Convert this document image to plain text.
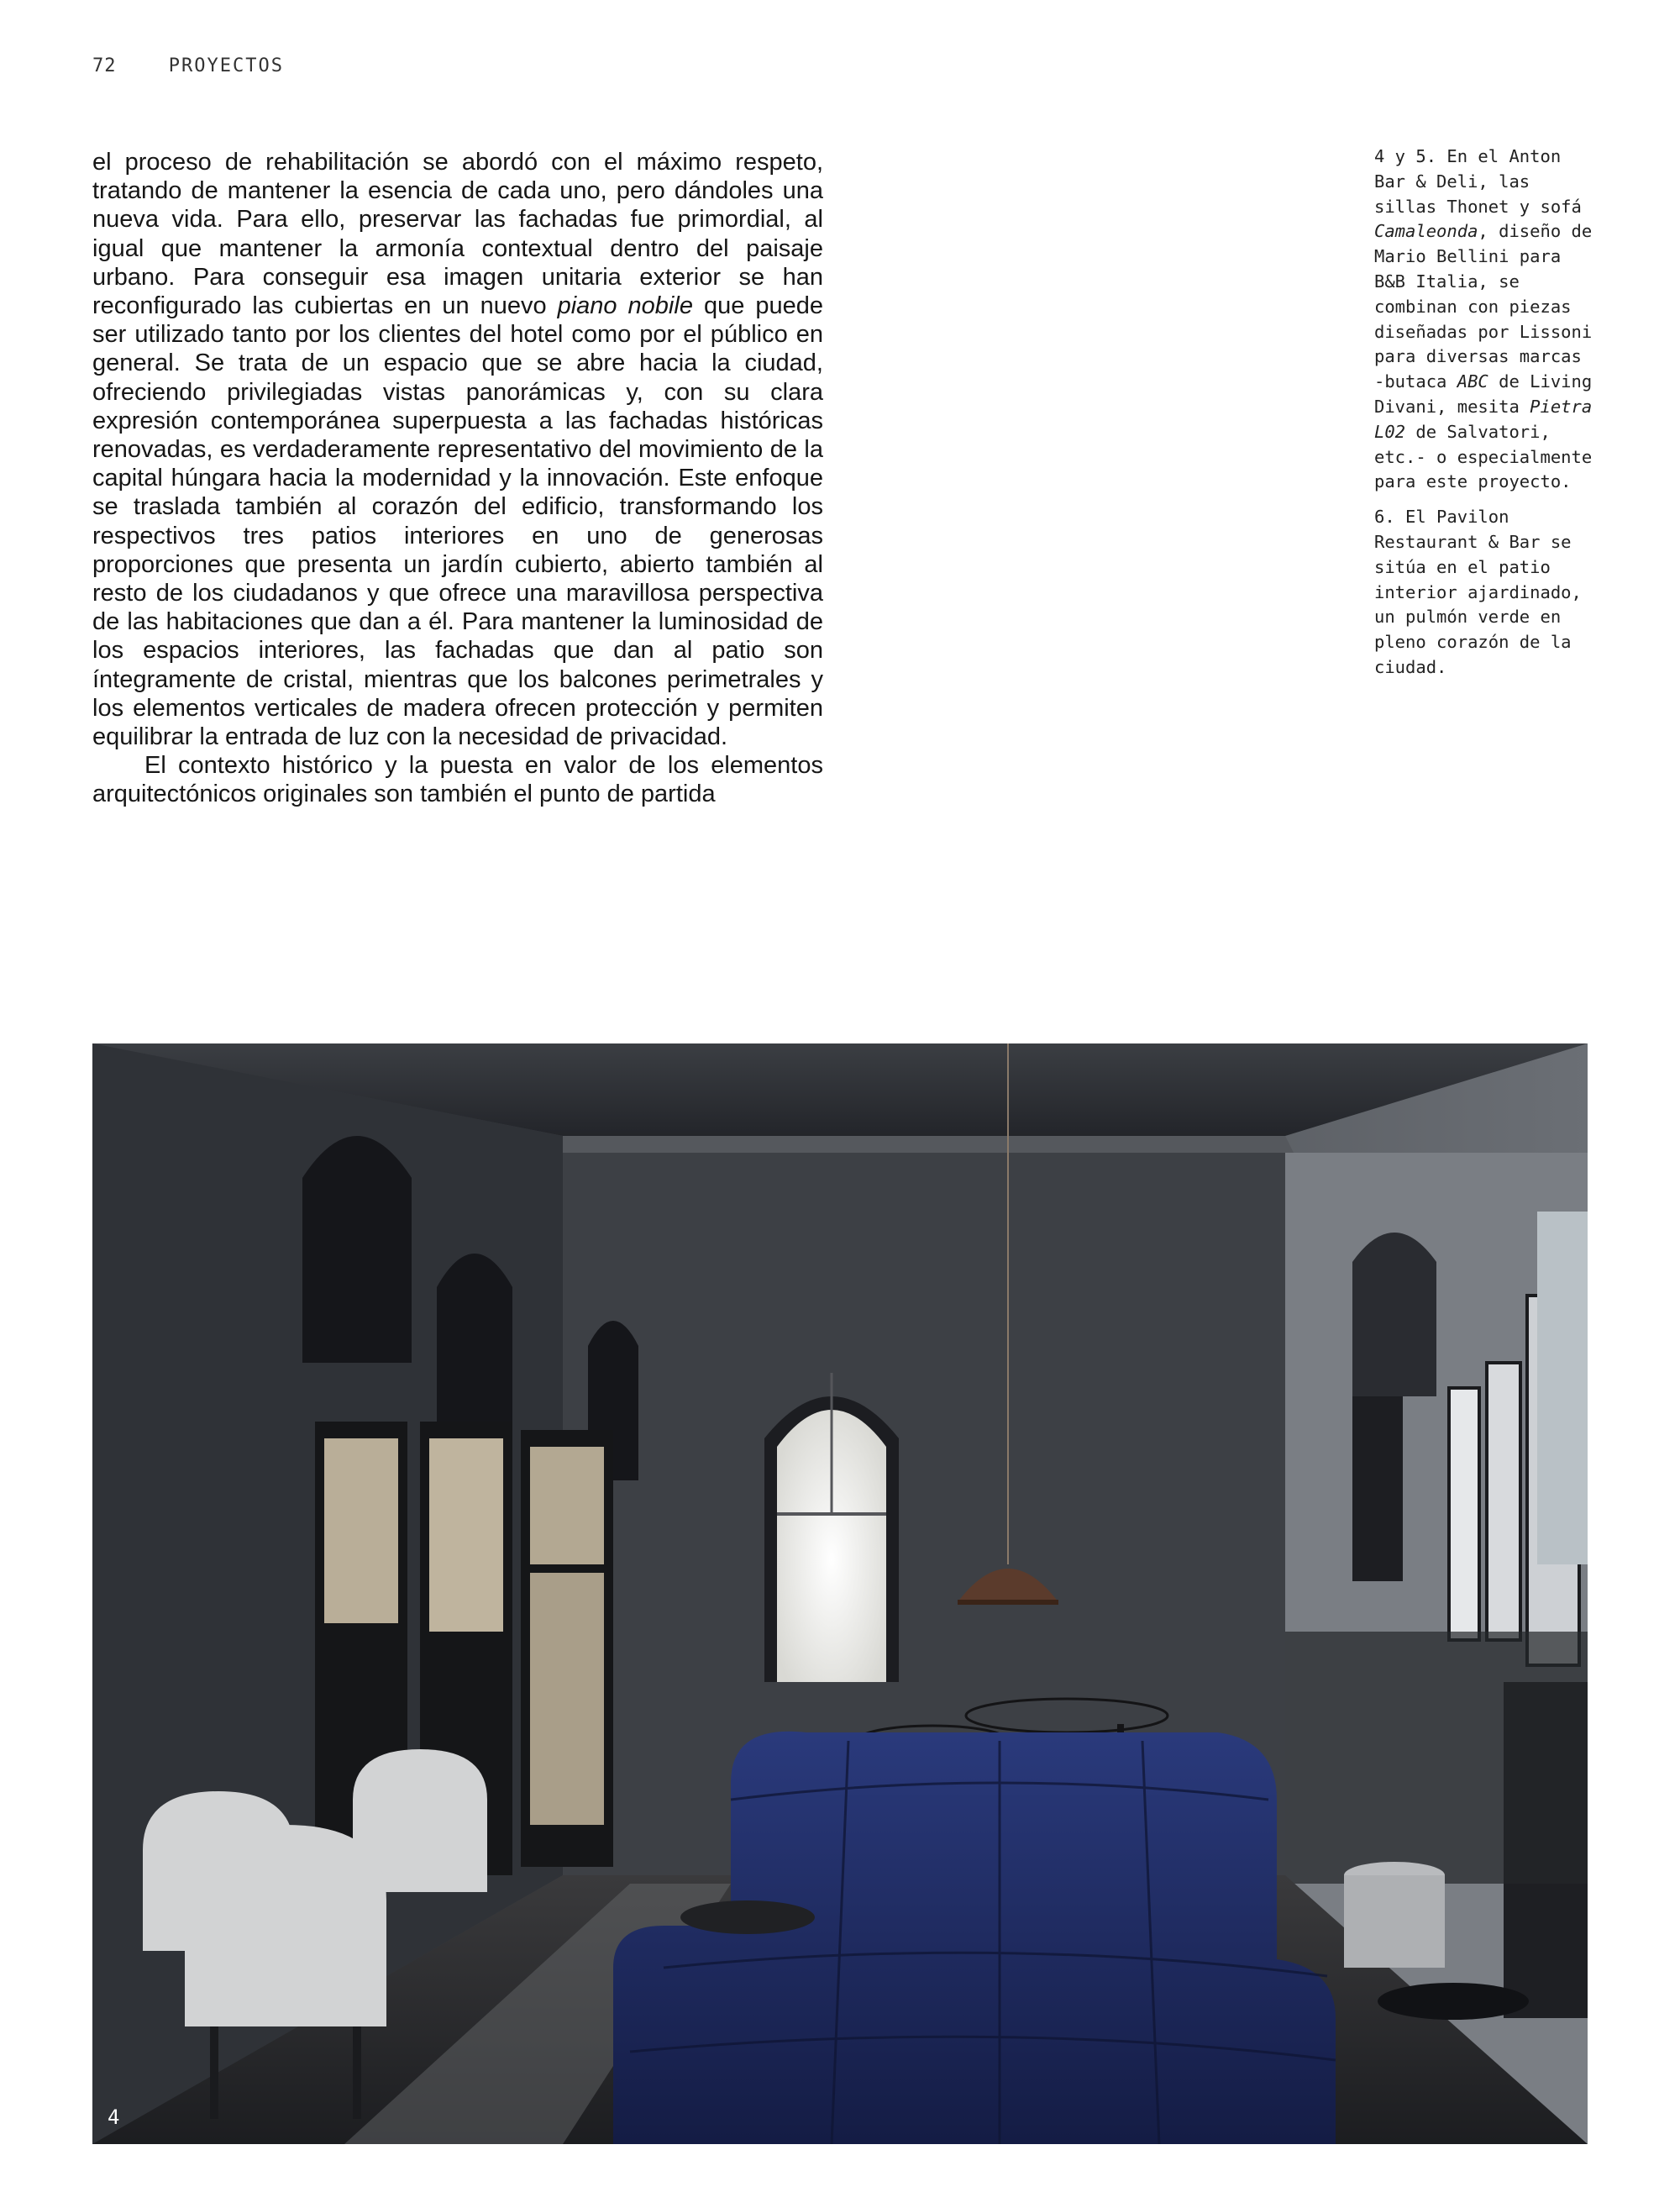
72	PROYECTOS

el proceso de rehabilitación se abordó con el máximo respeto, tratando de mantener la esencia de cada uno, pero dándoles una nueva vida. Para ello, preservar las fachadas fue primordial, al igual que mantener la armonía contextual dentro del paisaje urbano. Para conseguir esa imagen unitaria exterior se han reconfigurado las cubiertas en un nuevo piano nobile que puede ser utilizado tanto por los clientes del hotel como por el público en general. Se trata de un espacio que se abre hacia la ciudad, ofreciendo privilegiadas vistas panorámicas y, con su clara expresión contemporánea superpuesta a las fachadas históricas renovadas, es verdaderamente representativo del movimiento de la capital húngara hacia la modernidad y la innovación. Este enfoque se traslada también al corazón del edificio, transformando los respectivos tres patios interiores en uno de generosas proporciones que presenta un jardín cubierto, abierto también al resto de los ciudadanos y que ofrece una maravillosa perspectiva de las habitaciones que dan a él. Para mantener la luminosidad de los espacios interiores, las fachadas que dan al patio son íntegramente de cristal, mientras que los balcones perimetrales y los elementos verticales de madera ofrecen protección y permiten equilibrar la entrada de luz con la necesidad de privacidad.

El contexto histórico y la puesta en valor de los elementos arquitectónicos originales son también el punto de partida

4 y 5. En el Anton Bar & Deli, las sillas Thonet y sofá Camaleonda, diseño de Mario Bellini para B&B Italia, se combinan con piezas diseñadas por Lissoni para diversas marcas -butaca ABC de Living Divani, mesita Pietra L02 de Salvatori, etc.- o especialmente para este proyecto.

6. El Pavilon Restaurant & Bar se sitúa en el patio interior ajardinado, un pulmón verde en pleno corazón de la ciudad.

4
